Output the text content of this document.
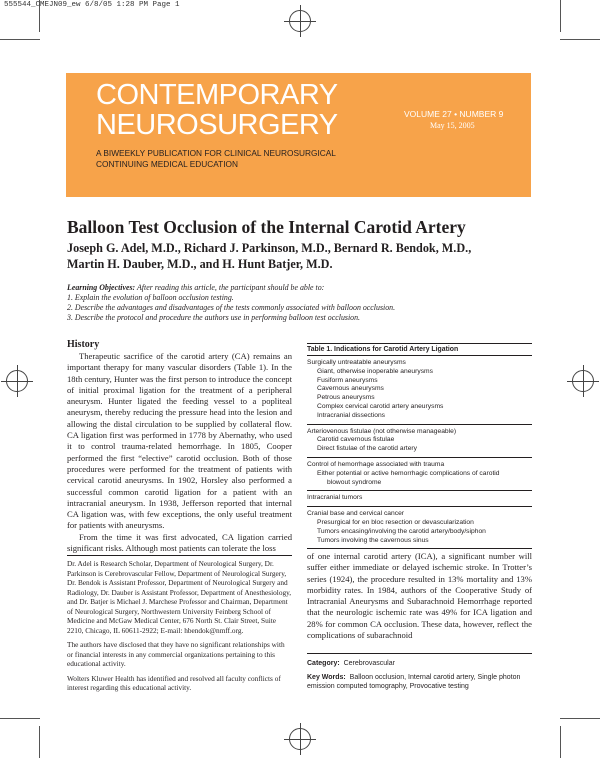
555544_CMEJN09_ew 6/8/05 1:28 PM Page 1
CONTEMPORARY
NEUROSURGERY	VOLUME 27 • NUMBER 9
May 15, 2005
A BIWEEKLY PUBLICATION FOR CLINICAL NEUROSURGICAL
CONTINUING MEDICAL EDUCATION
Balloon Test Occlusion of the Internal Carotid Artery
Joseph G. Adel, M.D., Richard J. Parkinson, M.D., Bernard R. Bendok, M.D.,
Martin H. Dauber, M.D., and H. Hunt Batjer, M.D.
Learning Objectives: After reading this article, the participant should be able to:
1. Explain the evolution of balloon occlusion testing.
2. Describe the advantages and disadvantages of the tests commonly associated with balloon occlusion.
3. Describe the protocol and procedure the authors use in performing balloon test occlusion.
History

Therapeutic sacrifice of the carotid artery (CA) remains an important therapy for many vascular disorders (Table 1). In the 18th century, Hunter was the first person to introduce the concept of initial proximal ligation for the treatment of a peripheral aneurysm. Hunter ligated the feeding vessel to a popliteal aneurysm, thereby reducing the pressure head into the lesion and allowing the distal circulation to be supplied by collateral flow. CA ligation first was performed in 1778 by Abernathy, who used it to control trauma-related hemorrhage. In 1805, Cooper performed the first “elective” carotid occlusion. Both of those procedures were performed for the treatment of patients with cervical carotid aneurysms. In 1902, Horsley also performed a successful common carotid ligation for a patient with an intracranial aneurysm. In 1938, Jefferson reported that internal CA ligation was, with few exceptions, the only useful treatment for patients with aneurysms.

From the time it was first advocated, CA ligation carried significant risks. Although most patients can tolerate the loss

Dr. Adel is Research Scholar, Department of Neurological Surgery, Dr. Parkinson is Cerebrovascular Fellow, Department of Neurological Surgery, Dr. Bendok is Assistant Professor, Department of Neurological Surgery and Radiology, Dr. Dauber is Assistant Professor, Department of Anesthesiology, and Dr. Batjer is Michael J. Marchese Professor and Chairman, Department of Neurological Surgery, Northwestern University Feinberg School of Medicine and McGaw Medical Center, 676 North St. Clair Street, Suite 2210, Chicago, IL 60611-2922; E-mail: hbendok@nmff.org.

The authors have disclosed that they have no significant relationships with or financial interests in any commercial organizations pertaining to this educational activity.

Wolters Kluwer Health has identified and resolved all faculty conflicts of interest regarding this educational activity.

Table 1. Indications for Carotid Artery Ligation
Surgically untreatable aneurysms
Giant, otherwise inoperable aneurysms
Fusiform aneurysms
Cavernous aneurysms
Petrous aneurysms
Complex cervical carotid artery aneurysms
Intracranial dissections
Arteriovenous fistulae (not otherwise manageable)
Carotid cavernous fistulae
Direct fistulae of the carotid artery
Control of hemorrhage associated with trauma
Either potential or active hemorrhagic complications of carotid
blowout syndrome
Intracranial tumors
Cranial base and cervical cancer
Presurgical for en bloc resection or devascularization
Tumors encasing/involving the carotid artery/body/siphon
Tumors involving the cavernous sinus

of one internal carotid artery (ICA), a significant number will suffer either immediate or delayed ischemic stroke. In Trotter’s series (1924), the procedure resulted in 13% mortality and 13% morbidity rates. In 1984, authors of the Cooperative Study of Intracranial Aneurysms and Subarachnoid Hemorrhage reported that the neurologic ischemic rate was 49% for ICA ligation and 28% for common CA occlusion. These data, however, reflect the complications of subarachnoid

Category: Cerebrovascular
Key Words: Balloon occlusion, Internal carotid artery, Single photon emission computed tomography, Provocative testing
